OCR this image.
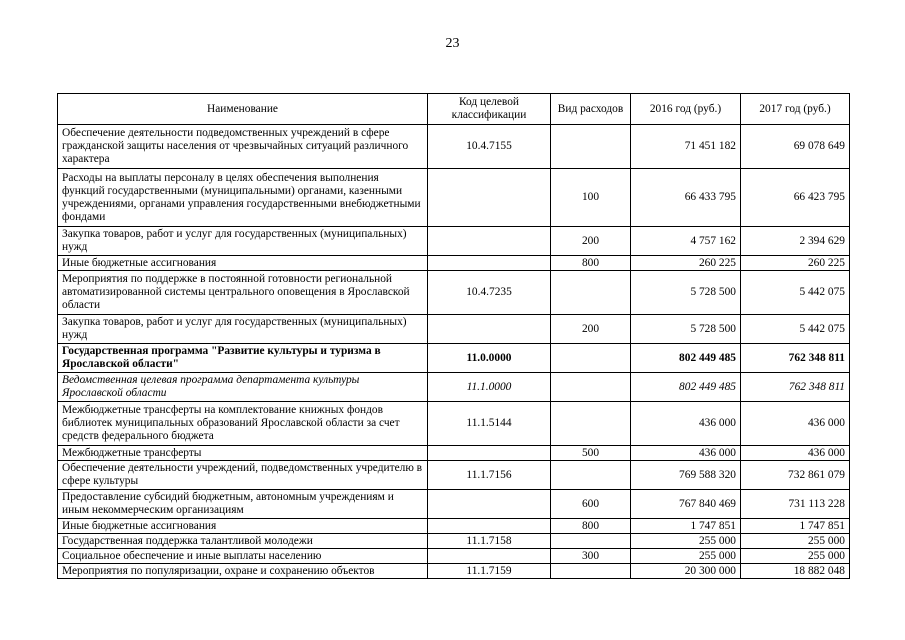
23
Наименование	Код целевой классификации	Вид расходов	2016 год (руб.)	2017 год (руб.)
Обеспечение деятельности подведомственных учреждений в сфере гражданской защиты населения от чрезвычайных ситуаций различного характера	10.4.7155		71 451 182	69 078 649
Расходы на выплаты персоналу в целях обеспечения выполнения функций государственными (муниципальными) органами, казенными учреждениями, органами управления государственными внебюджетными фондами		100	66 433 795	66 423 795
Закупка товаров, работ и услуг для государственных (муниципальных) нужд		200	4 757 162	2 394 629
Иные бюджетные ассигнования		800	260 225	260 225
Мероприятия по поддержке в постоянной готовности региональной автоматизированной системы центрального оповещения в Ярославской области	10.4.7235		5 728 500	5 442 075
Закупка товаров, работ и услуг для государственных (муниципальных) нужд		200	5 728 500	5 442 075
Государственная программа "Развитие культуры и туризма в Ярославской области"	11.0.0000		802 449 485	762 348 811
Ведомственная целевая программа департамента культуры Ярославской области	11.1.0000		802 449 485	762 348 811
Межбюджетные трансферты на комплектование книжных фондов библиотек муниципальных образований Ярославской области за счет средств федерального бюджета	11.1.5144		436 000	436 000
Межбюджетные трансферты		500	436 000	436 000
Обеспечение деятельности учреждений, подведомственных учредителю в сфере культуры	11.1.7156		769 588 320	732 861 079
Предоставление субсидий бюджетным, автономным учреждениям и иным некоммерческим организациям		600	767 840 469	731 113 228
Иные бюджетные ассигнования		800	1 747 851	1 747 851
Государственная поддержка талантливой молодежи	11.1.7158		255 000	255 000
Социальное обеспечение и иные выплаты населению		300	255 000	255 000
Мероприятия по популяризации, охране и сохранению объектов	11.1.7159		20 300 000	18 882 048
